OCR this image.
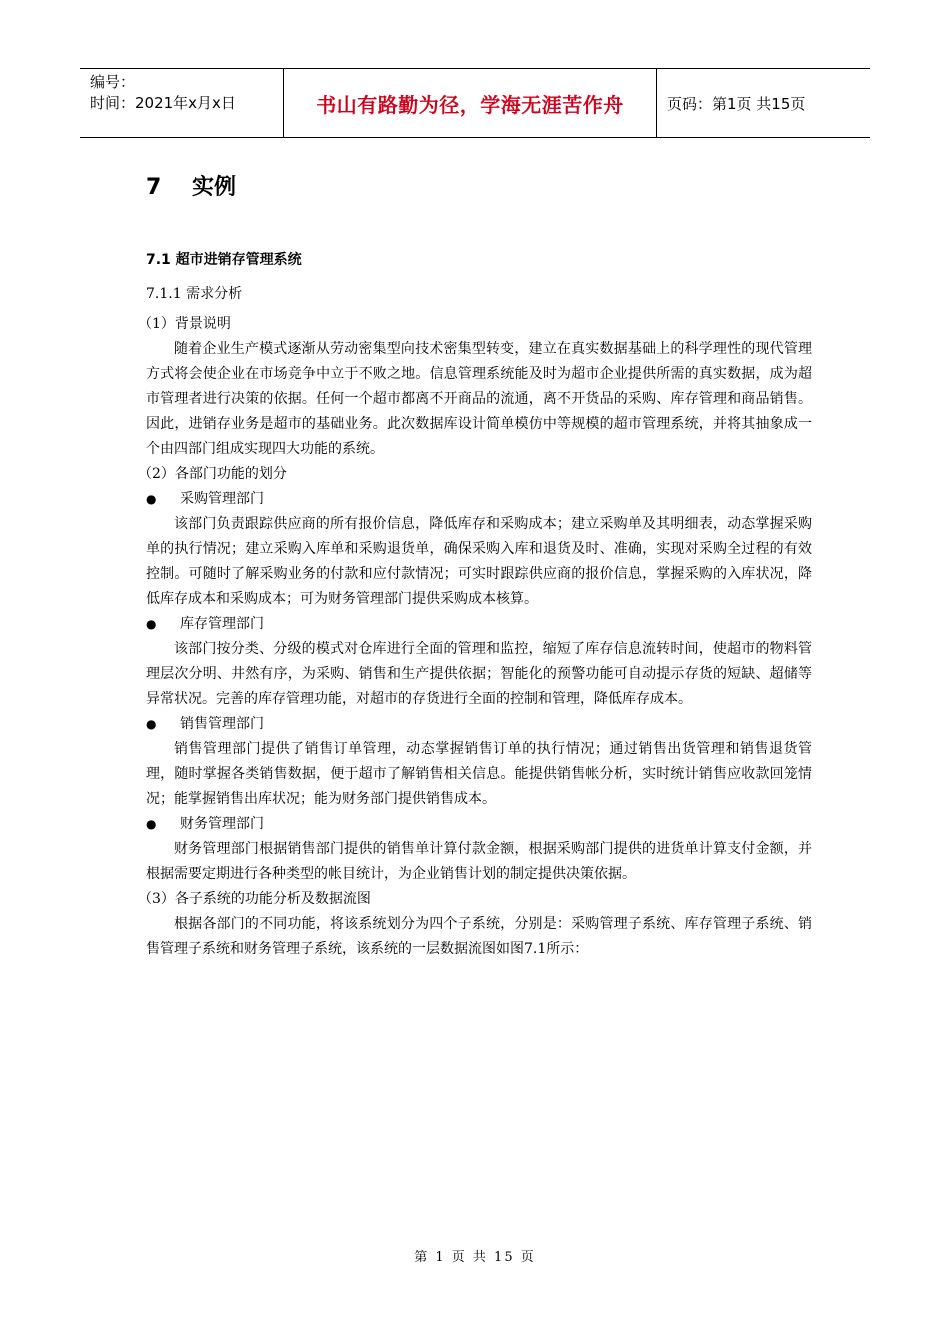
编号：
时间：2021年x月x日	书山有路勤为径，学海无涯苦作舟	页码：第1页 共15页
7 实例
7.1 超市进销存管理系统
7.1.1 需求分析
（1）背景说明
随着企业生产模式逐渐从劳动密集型向技术密集型转变，建立在真实数据基础上的科学理性的现代管理方式将会使企业在市场竞争中立于不败之地。信息管理系统能及时为超市企业提供所需的真实数据，成为超市管理者进行决策的依据。任何一个超市都离不开商品的流通，离不开货品的采购、库存管理和商品销售。因此，进销存业务是超市的基础业务。此次数据库设计简单模仿中等规模的超市管理系统，并将其抽象成一个由四部门组成实现四大功能的系统。
（2）各部门功能的划分
●	采购管理部门
该部门负责跟踪供应商的所有报价信息，降低库存和采购成本；建立采购单及其明细表，动态掌握采购单的执行情况；建立采购入库单和采购退货单，确保采购入库和退货及时、准确，实现对采购全过程的有效控制。可随时了解采购业务的付款和应付款情况；可实时跟踪供应商的报价信息，掌握采购的入库状况，降低库存成本和采购成本；可为财务管理部门提供采购成本核算。
●	库存管理部门
该部门按分类、分级的模式对仓库进行全面的管理和监控，缩短了库存信息流转时间，使超市的物料管理层次分明、井然有序，为采购、销售和生产提供依据；智能化的预警功能可自动提示存货的短缺、超储等异常状况。完善的库存管理功能，对超市的存货进行全面的控制和管理，降低库存成本。
●	销售管理部门
销售管理部门提供了销售订单管理，动态掌握销售订单的执行情况；通过销售出货管理和销售退货管理，随时掌握各类销售数据，便于超市了解销售相关信息。能提供销售帐分析，实时统计销售应收款回笼情况；能掌握销售出库状况；能为财务部门提供销售成本。
●	财务管理部门
财务管理部门根据销售部门提供的销售单计算付款金额，根据采购部门提供的进货单计算支付金额，并根据需要定期进行各种类型的帐目统计，为企业销售计划的制定提供决策依据。
（3）各子系统的功能分析及数据流图
根据各部门的不同功能，将该系统划分为四个子系统，分别是：采购管理子系统、库存管理子系统、销售管理子系统和财务管理子系统，该系统的一层数据流图如图7.1所示：
第 1 页 共 15 页
